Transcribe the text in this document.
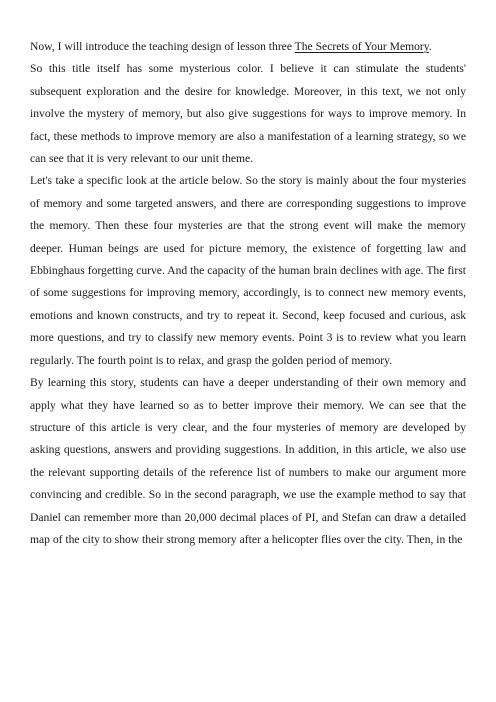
Now, I will introduce the teaching design of lesson three The Secrets of Your Memory.

So this title itself has some mysterious color. I believe it can stimulate the students' subsequent exploration and the desire for knowledge. Moreover, in this text, we not only involve the mystery of memory, but also give suggestions for ways to improve memory. In fact, these methods to improve memory are also a manifestation of a learning strategy, so we can see that it is very relevant to our unit theme.

Let's take a specific look at the article below. So the story is mainly about the four mysteries of memory and some targeted answers, and there are corresponding suggestions to improve the memory. Then these four mysteries are that the strong event will make the memory deeper. Human beings are used for picture memory, the existence of forgetting law and Ebbinghaus forgetting curve. And the capacity of the human brain declines with age. The first of some suggestions for improving memory, accordingly, is to connect new memory events, emotions and known constructs, and try to repeat it. Second, keep focused and curious, ask more questions, and try to classify new memory events. Point 3 is to review what you learn regularly. The fourth point is to relax, and grasp the golden period of memory.

By learning this story, students can have a deeper understanding of their own memory and apply what they have learned so as to better improve their memory. We can see that the structure of this article is very clear, and the four mysteries of memory are developed by asking questions, answers and providing suggestions. In addition, in this article, we also use the relevant supporting details of the reference list of numbers to make our argument more convincing and credible. So in the second paragraph, we use the example method to say that Daniel can remember more than 20,000 decimal places of PI, and Stefan can draw a detailed map of the city to show their strong memory after a helicopter flies over the city. Then, in the
